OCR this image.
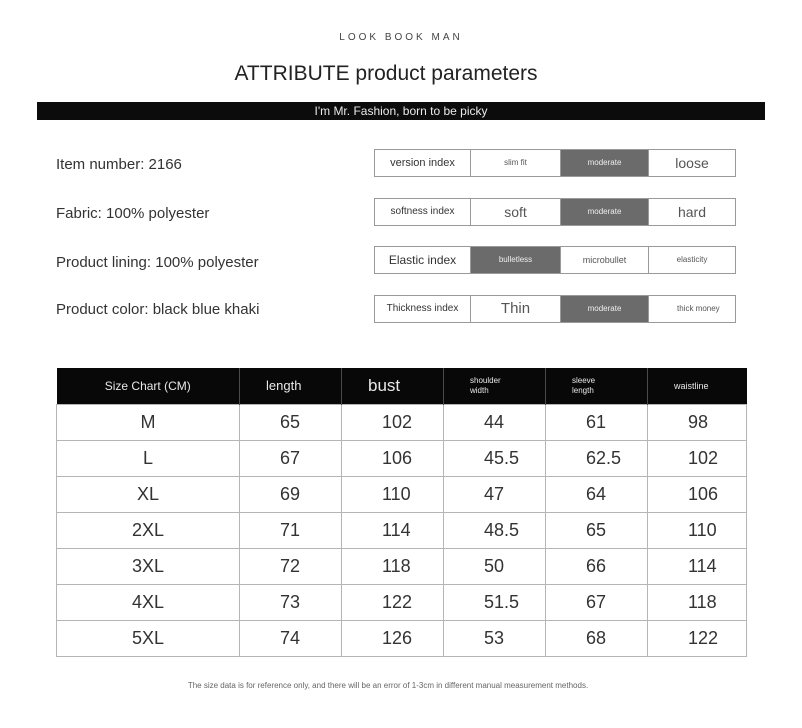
LOOK BOOK MAN
ATTRIBUTE product parameters
I'm Mr. Fashion, born to be picky
Item number: 2166
Fabric: 100% polyester
Product lining: 100% polyester
Product color: black blue khaki
version index	slim fit	moderate	loose
softness index	soft	moderate	hard
Elastic index	bulletless	microbullet	elasticity
Thickness index	Thin	moderate	thick money
Size Chart (CM)	length	bust	shoulder width	sleeve length	waistline
M	65	102	44	61	98
L	67	106	45.5	62.5	102
XL	69	110	47	64	106
2XL	71	114	48.5	65	110
3XL	72	118	50	66	114
4XL	73	122	51.5	67	118
5XL	74	126	53	68	122
The size data is for reference only, and there will be an error of 1-3cm in different manual measurement methods.
